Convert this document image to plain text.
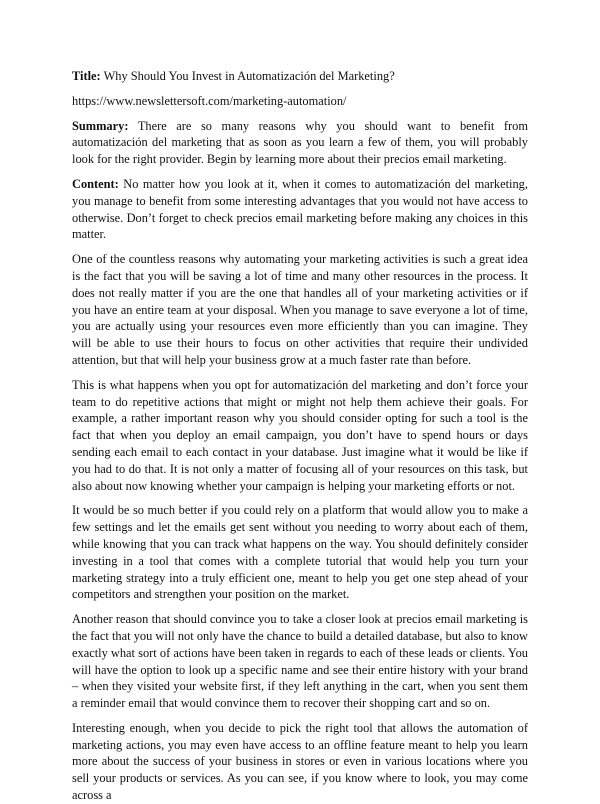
Title: Why Should You Invest in Automatización del Marketing?

https://www.newslettersoft.com/marketing-automation/

Summary: There are so many reasons why you should want to benefit from automatización del marketing that as soon as you learn a few of them, you will probably look for the right provider. Begin by learning more about their precios email marketing.

Content: No matter how you look at it, when it comes to automatización del marketing, you manage to benefit from some interesting advantages that you would not have access to otherwise. Don’t forget to check precios email marketing before making any choices in this matter.

One of the countless reasons why automating your marketing activities is such a great idea is the fact that you will be saving a lot of time and many other resources in the process. It does not really matter if you are the one that handles all of your marketing activities or if you have an entire team at your disposal. When you manage to save everyone a lot of time, you are actually using your resources even more efficiently than you can imagine. They will be able to use their hours to focus on other activities that require their undivided attention, but that will help your business grow at a much faster rate than before.

This is what happens when you opt for automatización del marketing and don’t force your team to do repetitive actions that might or might not help them achieve their goals. For example, a rather important reason why you should consider opting for such a tool is the fact that when you deploy an email campaign, you don’t have to spend hours or days sending each email to each contact in your database. Just imagine what it would be like if you had to do that. It is not only a matter of focusing all of your resources on this task, but also about now knowing whether your campaign is helping your marketing efforts or not.

It would be so much better if you could rely on a platform that would allow you to make a few settings and let the emails get sent without you needing to worry about each of them, while knowing that you can track what happens on the way. You should definitely consider investing in a tool that comes with a complete tutorial that would help you turn your marketing strategy into a truly efficient one, meant to help you get one step ahead of your competitors and strengthen your position on the market.

Another reason that should convince you to take a closer look at precios email marketing is the fact that you will not only have the chance to build a detailed database, but also to know exactly what sort of actions have been taken in regards to each of these leads or clients. You will have the option to look up a specific name and see their entire history with your brand – when they visited your website first, if they left anything in the cart, when you sent them a reminder email that would convince them to recover their shopping cart and so on.

Interesting enough, when you decide to pick the right tool that allows the automation of marketing actions, you may even have access to an offline feature meant to help you learn more about the success of your business in stores or even in various locations where you sell your products or services. As you can see, if you know where to look, you may come across a
